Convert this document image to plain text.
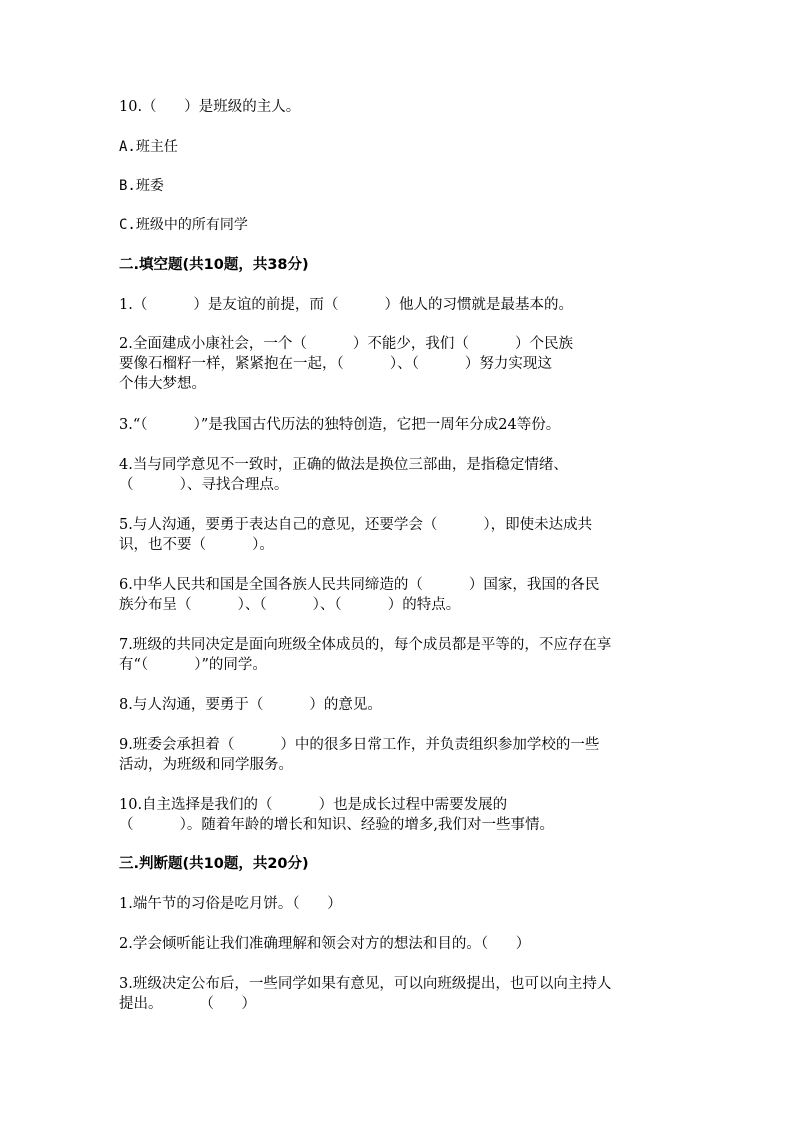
10.（      ）是班级的主人。
A.班主任
B.班委
C.班级中的所有同学
二.填空题(共10题，共38分)
1.（          ）是友谊的前提，而（          ）他人的习惯就是最基本的。
2.全面建成小康社会，一个（          ）不能少，我们（          ）个民族
要像石榴籽一样，紧紧抱在一起，（          ）、（          ）努力实现这
个伟大梦想。
3.“（          ）”是我国古代历法的独特创造，它把一周年分成24等份。
4.当与同学意见不一致时，正确的做法是换位三部曲，是指稳定情绪、
（          ）、寻找合理点。
5.与人沟通，要勇于表达自己的意见，还要学会（          ），即使未达成共
识，也不要（          ）。
6.中华人民共和国是全国各族人民共同缔造的（          ）国家，我国的各民
族分布呈（          ）、（          ）、（          ）的特点。
7.班级的共同决定是面向班级全体成员的，每个成员都是平等的，不应存在享
有“（          ）”的同学。
8.与人沟通，要勇于（          ）的意见。
9.班委会承担着（          ）中的很多日常工作，并负责组织参加学校的一些
活动，为班级和同学服务。
10.自主选择是我们的（          ）也是成长过程中需要发展的
（          ）。随着年龄的增长和知识、经验的增多,我们对一些事情。
三.判断题(共10题，共20分)
1.端午节的习俗是吃月饼。（      ）
2.学会倾听能让我们准确理解和领会对方的想法和目的。（      ）
3.班级决定公布后，一些同学如果有意见，可以向班级提出，也可以向主持人
提出。        （      ）
